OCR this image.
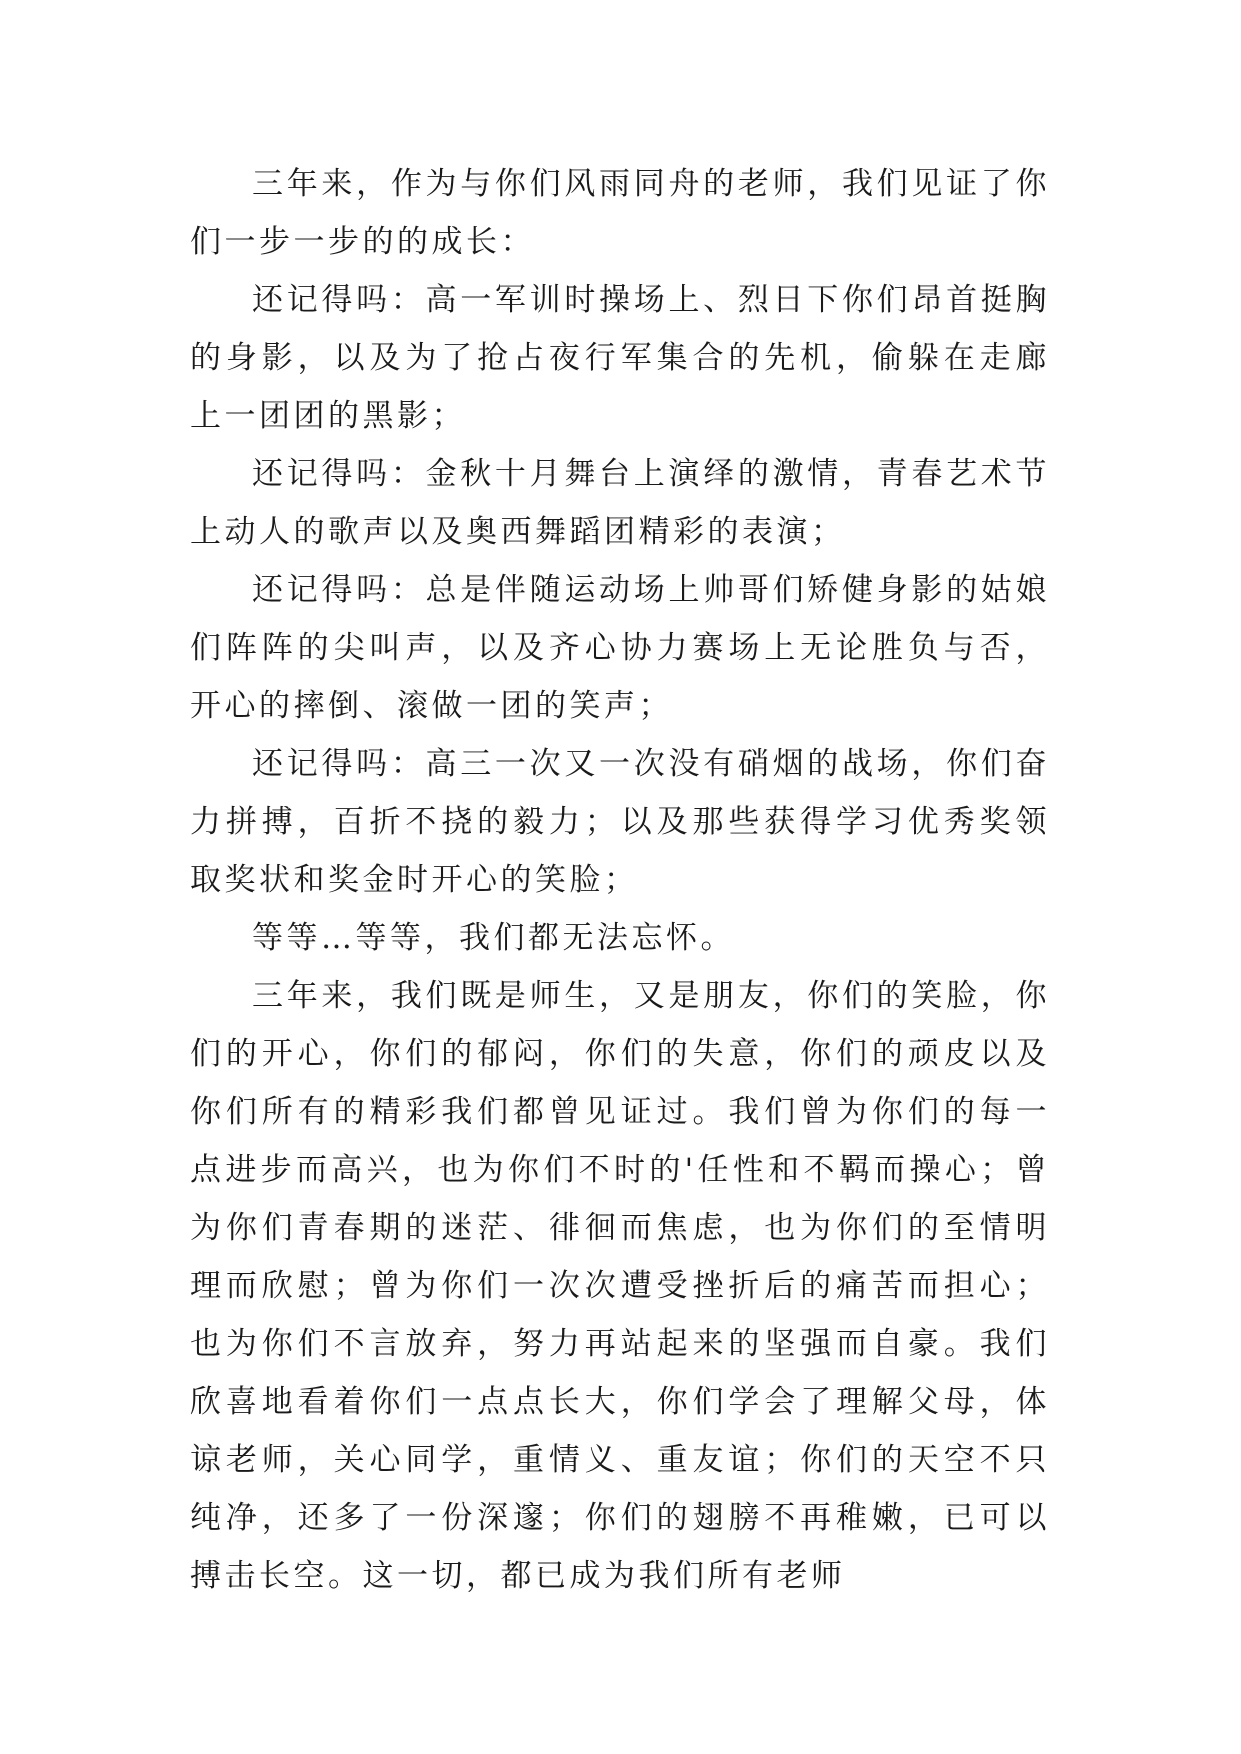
三年来，作为与你们风雨同舟的老师，我们见证了你们一步一步的的成长：

还记得吗：高一军训时操场上、烈日下你们昂首挺胸的身影，以及为了抢占夜行军集合的先机，偷躲在走廊上一团团的黑影；

还记得吗：金秋十月舞台上演绎的激情，青春艺术节上动人的歌声以及奥西舞蹈团精彩的表演；

还记得吗：总是伴随运动场上帅哥们矫健身影的姑娘们阵阵的尖叫声，以及齐心协力赛场上无论胜负与否，开心的摔倒、滚做一团的笑声；

还记得吗：高三一次又一次没有硝烟的战场，你们奋力拼搏，百折不挠的毅力；以及那些获得学习优秀奖领取奖状和奖金时开心的笑脸；

等等…等等，我们都无法忘怀。

三年来，我们既是师生，又是朋友，你们的笑脸，你们的开心，你们的郁闷，你们的失意，你们的顽皮以及你们所有的精彩我们都曾见证过。我们曾为你们的每一点进步而高兴，也为你们不时的'任性和不羁而操心；曾为你们青春期的迷茫、徘徊而焦虑，也为你们的至情明理而欣慰；曾为你们一次次遭受挫折后的痛苦而担心；也为你们不言放弃，努力再站起来的坚强而自豪。我们欣喜地看着你们一点点长大，你们学会了理解父母，体谅老师，关心同学，重情义、重友谊；你们的天空不只纯净，还多了一份深邃；你们的翅膀不再稚嫩，已可以搏击长空。这一切，都已成为我们所有老师
